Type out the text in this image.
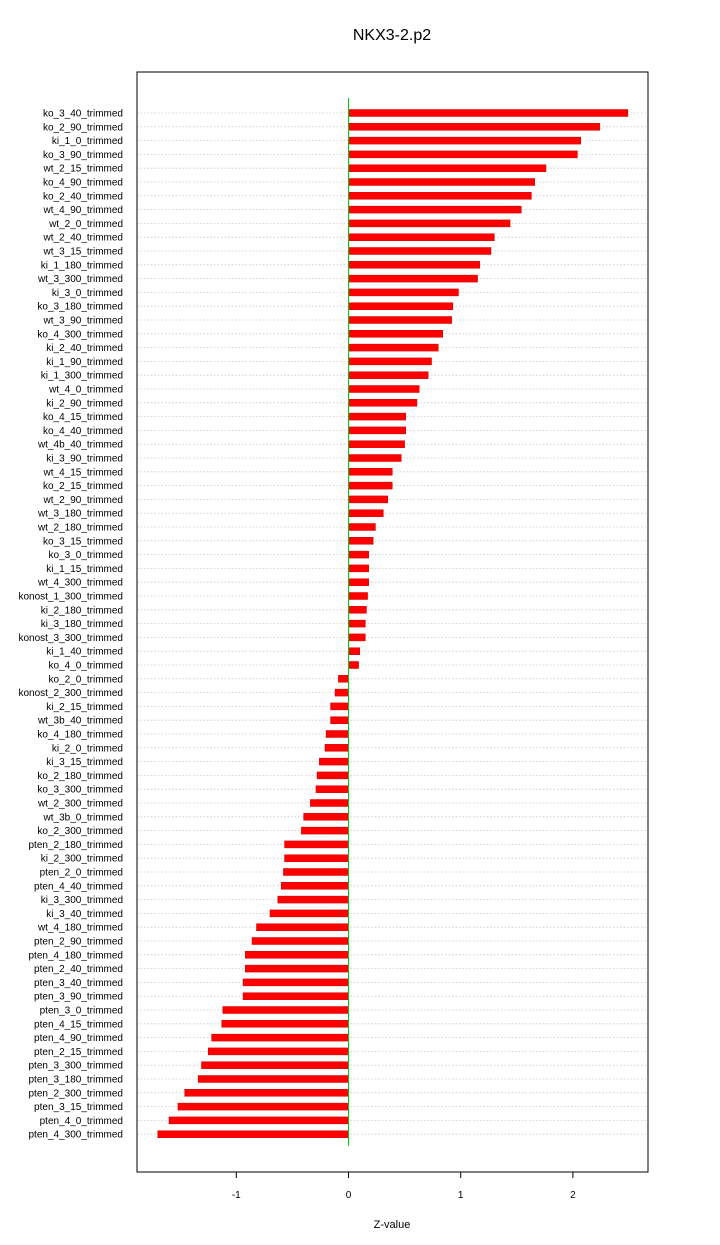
NKX3-2.p2
ko_3_40_trimmed
ko_2_90_trimmed
ki_1_0_trimmed
ko_3_90_trimmed
wt_2_15_trimmed
ko_4_90_trimmed
ko_2_40_trimmed
wt_4_90_trimmed
wt_2_0_trimmed
wt_2_40_trimmed
wt_3_15_trimmed
ki_1_180_trimmed
wt_3_300_trimmed
ki_3_0_trimmed
ko_3_180_trimmed
wt_3_90_trimmed
ko_4_300_trimmed
ki_2_40_trimmed
ki_1_90_trimmed
ki_1_300_trimmed
wt_4_0_trimmed
ki_2_90_trimmed
ko_4_15_trimmed
ko_4_40_trimmed
wt_4b_40_trimmed
ki_3_90_trimmed
wt_4_15_trimmed
ko_2_15_trimmed
wt_2_90_trimmed
wt_3_180_trimmed
wt_2_180_trimmed
ko_3_15_trimmed
ko_3_0_trimmed
ki_1_15_trimmed
wt_4_300_trimmed
konost_1_300_trimmed
ki_2_180_trimmed
ki_3_180_trimmed
konost_3_300_trimmed
ki_1_40_trimmed
ko_4_0_trimmed
ko_2_0_trimmed
konost_2_300_trimmed
ki_2_15_trimmed
wt_3b_40_trimmed
ko_4_180_trimmed
ki_2_0_trimmed
ki_3_15_trimmed
ko_2_180_trimmed
ko_3_300_trimmed
wt_2_300_trimmed
wt_3b_0_trimmed
ko_2_300_trimmed
pten_2_180_trimmed
ki_2_300_trimmed
pten_2_0_trimmed
pten_4_40_trimmed
ki_3_300_trimmed
ki_3_40_trimmed
wt_4_180_trimmed
pten_2_90_trimmed
pten_4_180_trimmed
pten_2_40_trimmed
pten_3_40_trimmed
pten_3_90_trimmed
pten_3_0_trimmed
pten_4_15_trimmed
pten_4_90_trimmed
pten_2_15_trimmed
pten_3_300_trimmed
pten_3_180_trimmed
pten_2_300_trimmed
pten_3_15_trimmed
pten_4_0_trimmed
pten_4_300_trimmed
-1	0	1	2
Z-value
